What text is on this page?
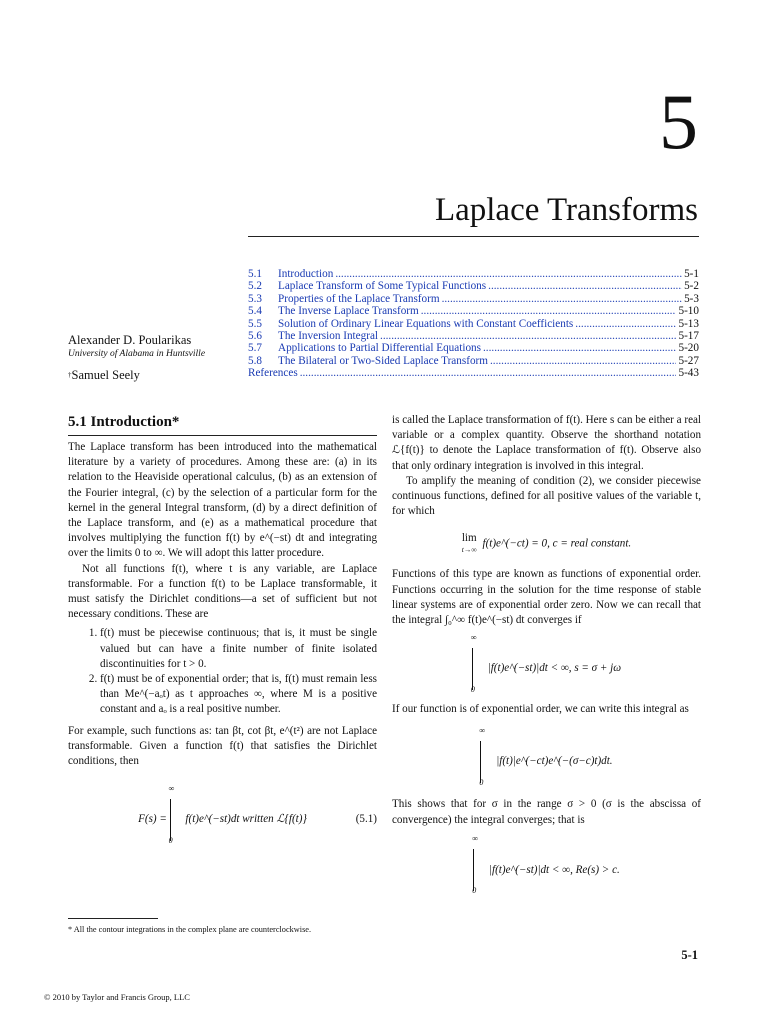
5
Laplace Transforms
5.1	Introduction .....	5-1
5.2	Laplace Transform of Some Typical Functions .....	5-2
5.3	Properties of the Laplace Transform .....	5-3
5.4	The Inverse Laplace Transform .....	5-10
5.5	Solution of Ordinary Linear Equations with Constant Coefficients .....	5-13
5.6	The Inversion Integral .....	5-17
5.7	Applications to Partial Differential Equations .....	5-20
5.8	The Bilateral or Two-Sided Laplace Transform .....	5-27
References .....	5-43
Alexander D. Poularikas
University of Alabama in Huntsville
†Samuel Seely
5.1 Introduction*

The Laplace transform has been introduced into the mathematical literature by a variety of procedures. Among these are: (a) in its relation to the Heaviside operational calculus, (b) as an extension of the Fourier integral, (c) by the selection of a particular form for the kernel in the general Integral transform, (d) by a direct definition of the Laplace transform, and (e) as a mathematical procedure that involves multiplying the function f(t) by e^(−st) dt and integrating over the limits 0 to ∞. We will adopt this latter procedure.

Not all functions f(t), where t is any variable, are Laplace transformable. For a function f(t) to be Laplace transformable, it must satisfy the Dirichlet conditions—a set of sufficient but not necessary conditions. These are

1. f(t) must be piecewise continuous; that is, it must be single valued but can have a finite number of finite isolated discontinuities for t > 0.
2. f(t) must be of exponential order; that is, f(t) must remain less than Me^(−aₒt) as t approaches ∞, where M is a positive constant and aₒ is a real positive number.

For example, such functions as: tan βt, cot βt, e^(t²) are not Laplace transformable. Given a function f(t) that satisfies the Dirichlet conditions, then

F(s) =
∞
0
f(t)e^(−st)dt written ℒ{f(t)}	(5.1)

is called the Laplace transformation of f(t). Here s can be either a real variable or a complex quantity. Observe the shorthand notation ℒ{f(t)} to denote the Laplace transformation of f(t). Observe also that only ordinary integration is involved in this integral.

To amplify the meaning of condition (2), we consider piecewise continuous functions, defined for all positive values of the variable t, for which

lim
t→∞ f(t)e^(−ct) = 0, c = real constant.

Functions of this type are known as functions of exponential order. Functions occurring in the solution for the time response of stable linear systems are of exponential order zero. Now we can recall that the integral ∫₀^∞ f(t)e^(−st) dt converges if

∞
0
|f(t)e^(−st)|dt < ∞, s = σ + jω

If our function is of exponential order, we can write this integral as

∞
0
|f(t)|e^(−ct)e^(−(σ−c)t)dt.

This shows that for σ in the range σ > 0 (σ is the abscissa of convergence) the integral converges; that is

∞
0
|f(t)e^(−st)|dt < ∞, Re(s) > c.
* All the contour integrations in the complex plane are counterclockwise.
5-1
© 2010 by Taylor and Francis Group, LLC
